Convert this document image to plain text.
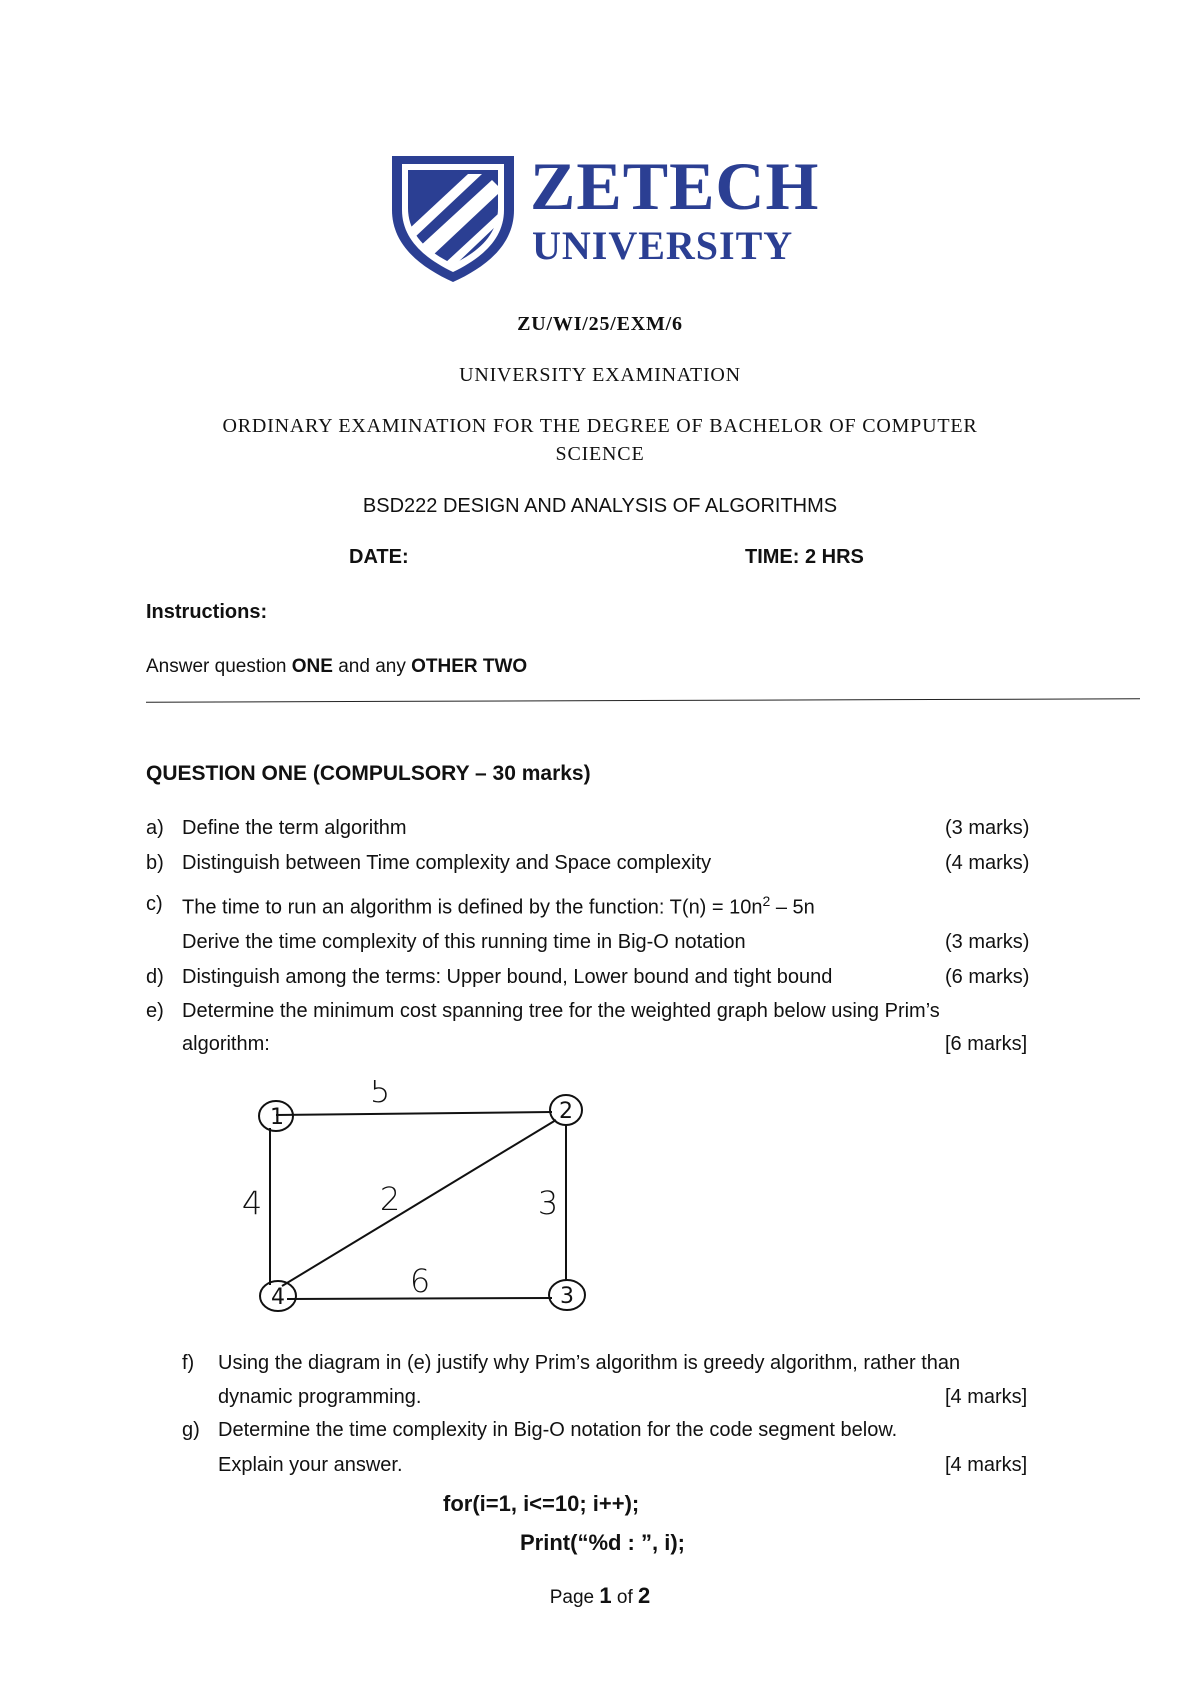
ZETECH
UNIVERSITY
ZU/WI/25/EXM/6
UNIVERSITY EXAMINATION
ORDINARY EXAMINATION FOR THE DEGREE OF BACHELOR OF COMPUTER
SCIENCE
BSD222 DESIGN AND ANALYSIS OF ALGORITHMS
DATE:	TIME: 2 HRS
Instructions:
Answer question ONE and any OTHER TWO
QUESTION ONE (COMPULSORY – 30 marks)
a) Define the term algorithm	(3 marks)
b) Distinguish between Time complexity and Space complexity	(4 marks)
c) The time to run an algorithm is defined by the function: $T(n) = 10n^2 - 5n$
Derive the time complexity of this running time in Big-O notation	(3 marks)
d) Distinguish among the terms: Upper bound, Lower bound and tight bound	(6 marks)
e) Determine the minimum cost spanning tree for the weighted graph below using Prim’s
algorithm:	[6 marks]
1	2
3
4
5
4	2	3
6
f) Using the diagram in (e) justify why Prim’s algorithm is greedy algorithm, rather than
dynamic programming.	[4 marks]
g) Determine the time complexity in Big-O notation for the code segment below.
Explain your answer.	[4 marks]
for(i=1, i<=10; i++);
Print(“%d : ”, i);
Page 1 of 2
